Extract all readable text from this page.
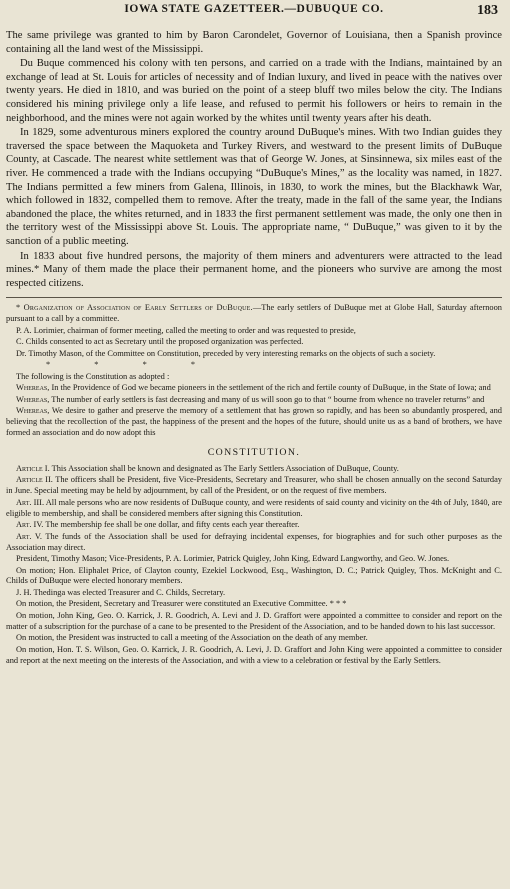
IOWA STATE GAZETTEER.—DUBUQUE CO.	183

The same privilege was granted to him by Baron Carondelet, Governor of Louisiana, then a Spanish province containing all the land west of the Mississippi.

Du Buque commenced his colony with ten persons, and carried on a trade with the Indians, maintained by an exchange of lead at St. Louis for articles of necessity and of Indian luxury, and lived in peace with the natives over twenty years. He died in 1810, and was buried on the point of a steep bluff two miles below the city. The Indians considered his mining privilege only a life lease, and refused to permit his followers or heirs to remain in the neighborhood, and the mines were not again worked by the whites until twenty years after his death.

In 1829, some adventurous miners explored the country around DuBuque's mines. With two Indian guides they traversed the space between the Maquoketa and Turkey Rivers, and westward to the present limits of DuBuque County, at Cascade. The nearest white settlement was that of George W. Jones, at Sinsinnewa, six miles east of the river. He commenced a trade with the Indians occupying “DuBuque's Mines,” as the locality was named, in 1827. The Indians permitted a few miners from Galena, Illinois, in 1830, to work the mines, but the Blackhawk War, which followed in 1832, compelled them to remove. After the treaty, made in the fall of the same year, the Indians abandoned the place, the whites returned, and in 1833 the first permanent settlement was made, the only one then in the territory west of the Mississippi above St. Louis. The appropriate name, “ DuBuque,” was given to it by the sanction of a public meeting.

In 1833 about five hundred persons, the majority of them miners and adventurers were attracted to the lead mines.* Many of them made the place their permanent home, and the pioneers who survive are among the most respected citizens.

* Organization of Association of Early Settlers of DuBuque.—The early settlers of DuBuque met at Globe Hall, Saturday afternoon pursuant to a call by a committee.

P. A. Lorimier, chairman of former meeting, called the meeting to order and was requested to preside,

C. Childs consented to act as Secretary until the proposed organization was perfected.

Dr. Timothy Mason, of the Committee on Constitution, preceded by very interesting remarks on the objects of such a society.

* * * *

The following is the Constitution as adopted :

Whereas, In the Providence of God we became pioneers in the settlement of the rich and fertile county of DuBuque, in the State of Iowa; and

Whereas, The number of early settlers is fast decreasing and many of us will soon go to that “ bourne from whence no traveler returns” and

Whereas, We desire to gather and preserve the memory of a settlement that has grown so rapidly, and has been so abundantly prospered, and believing that the recollection of the past, the happiness of the present and the hopes of the future, should unite us as a band of brothers, we have formed an association and do now adopt this

CONSTITUTION.

Article I. This Association shall be known and designated as The Early Settlers Association of DuBuque, County.

Article II. The officers shall be President, five Vice-Presidents, Secretary and Treasurer, who shall be chosen annually on the second Saturday in June. Special meeting may be held by adjournment, by call of the President, or on the request of five members.

Art. III. All male persons who are now residents of DuBuque county, and were residents of said county and vicinity on the 4th of July, 1840, are eligible to membership, and shall be considered members after signing this Constitution.

Art. IV. The membership fee shall be one dollar, and fifty cents each year thereafter.

Art. V. The funds of the Association shall be used for defraying incidental expenses, for biographies and for such other purposes as the Association may direct.

President, Timothy Mason; Vice-Presidents, P. A. Lorimier, Patrick Quigley, John King, Edward Langworthy, and Geo. W. Jones.

On motion; Hon. Eliphalet Price, of Clayton county, Ezekiel Lockwood, Esq., Washington, D. C.; Patrick Quigley, Thos. McKnight and C. Childs of DuBuque were elected honorary members.

J. H. Thedinga was elected Treasurer and C. Childs, Secretary.

On motion, the President, Secretary and Treasurer were constituted an Executive Committee. * * *

On motion, John King, Geo. O. Karrick, J. R. Goodrich, A. Levi and J. D. Graffort were appointed a committee to consider and report on the matter of a subscription for the purchase of a cane to be presented to the President of the Association, and to be handed down to his last successor.

On motion, the President was instructed to call a meeting of the Association on the death of any member.

On motion, Hon. T. S. Wilson, Geo. O. Karrick, J. R. Goodrich, A. Levi, J. D. Graffort and John King were appointed a committee to consider and report at the next meeting on the interests of the Association, and with a view to a celebration or festival by the Early Settlers.
